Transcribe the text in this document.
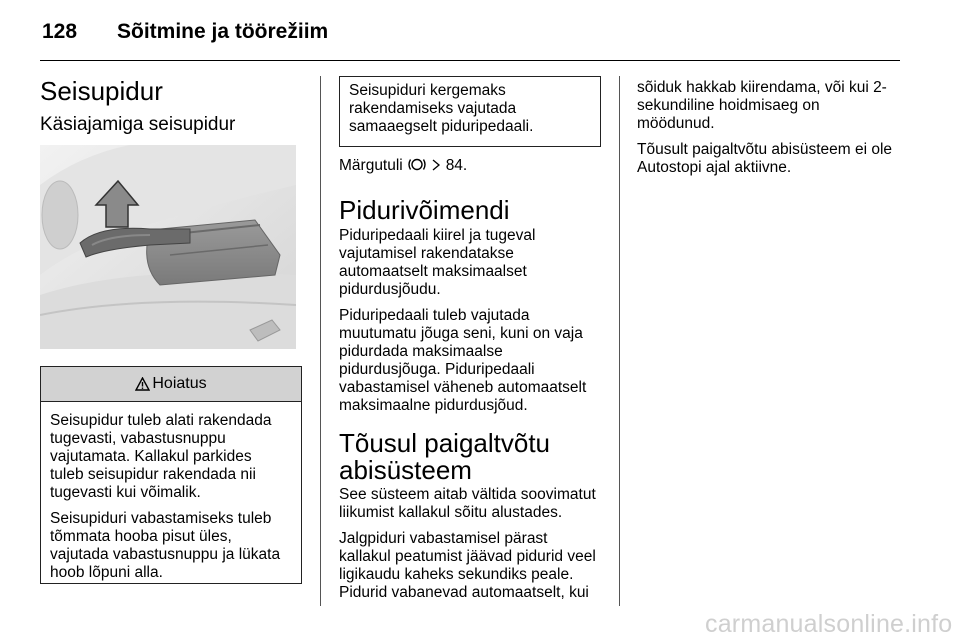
128 Sõitmine ja töörežiim
Seisupidur
Käsiajamiga seisupidur
Hoiatus

Seisupidur tuleb alati rakendada
tugevasti, vabastusnuppu
vajutamata. Kallakul parkides
tuleb seisupidur rakendada nii
tugevasti kui võimalik.

Seisupiduri vabastamiseks tuleb
tõmmata hooba pisut üles,
vajutada vabastusnuppu ja lükata
hoob lõpuni alla.

Seisupiduri kergemaks
rakendamiseks vajutada
samaaegselt piduripedaali.

Märgutuli	84.
Pidurivõimendi

Piduripedaali kiirel ja tugeval
vajutamisel rakendatakse
automaatselt maksimaalset
pidurdusjõudu.

Piduripedaali tuleb vajutada
muutumatu jõuga seni, kuni on vaja
pidurdada maksimaalse
pidurdusjõuga. Piduripedaali
vabastamisel väheneb automaatselt
maksimaalne pidurdusjõud.

Tõusul paigaltvõtu
abisüsteem

See süsteem aitab vältida soovimatut
liikumist kallakul sõitu alustades.

Jalgpiduri vabastamisel pärast
kallakul peatumist jäävad pidurid veel
ligikaudu kaheks sekundiks peale.
Pidurid vabanevad automaatselt, kui

sõiduk hakkab kiirendama, või kui 2-
sekundiline hoidmisaeg on
möödunud.

Tõusult paigaltvõtu abisüsteem ei ole
Autostopi ajal aktiivne.

carmanualsonline.info
